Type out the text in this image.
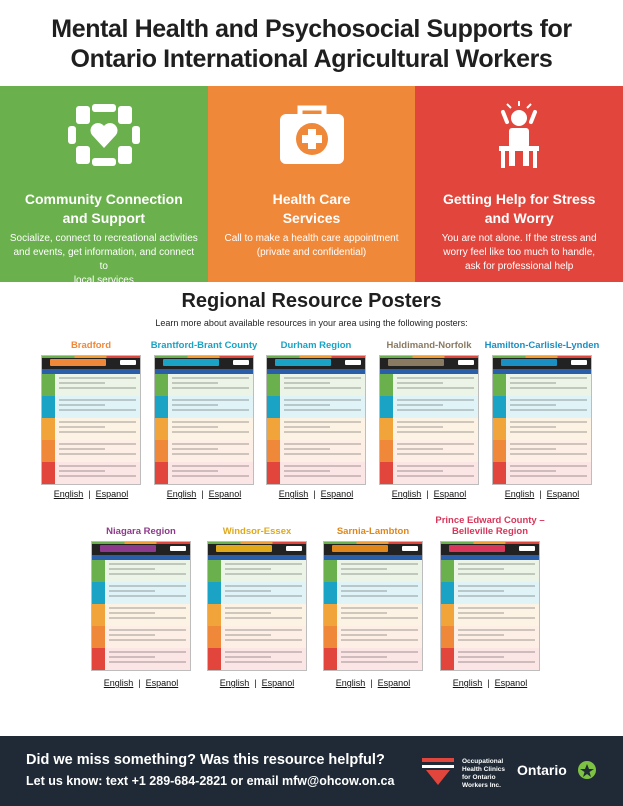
Mental Health and Psychosocial Supports for
Ontario International Agricultural Workers
Community Connection
and Support
Socialize, connect to recreational activities
and events, get information, and connect to
local services
Health Care
Services
Call to make a health care appointment
(private and confidential)
Getting Help for Stress
and Worry
You are not alone. If the stress and
worry feel like too much to handle,
ask for professional help
Regional Resource Posters
Learn more about available resources in your area using the following posters:
Bradford
English | Espanol
Brantford-Brant County
English | Espanol
Durham Region
English | Espanol
Haldimand-Norfolk
English | Espanol
Hamilton-Carlisle-Lynden
English | Espanol
Niagara Region
English | Espanol
Windsor-Essex
English | Espanol
Sarnia-Lambton
English | Espanol
Prince Edward County –
Belleville Region
English | Espanol
Did we miss something? Was this resource helpful?
Let us know: text +1 289-684-2821 or email mfw@ohcow.on.ca
Occupational
Health Clinics
for Ontario
Workers Inc.
Ontario
